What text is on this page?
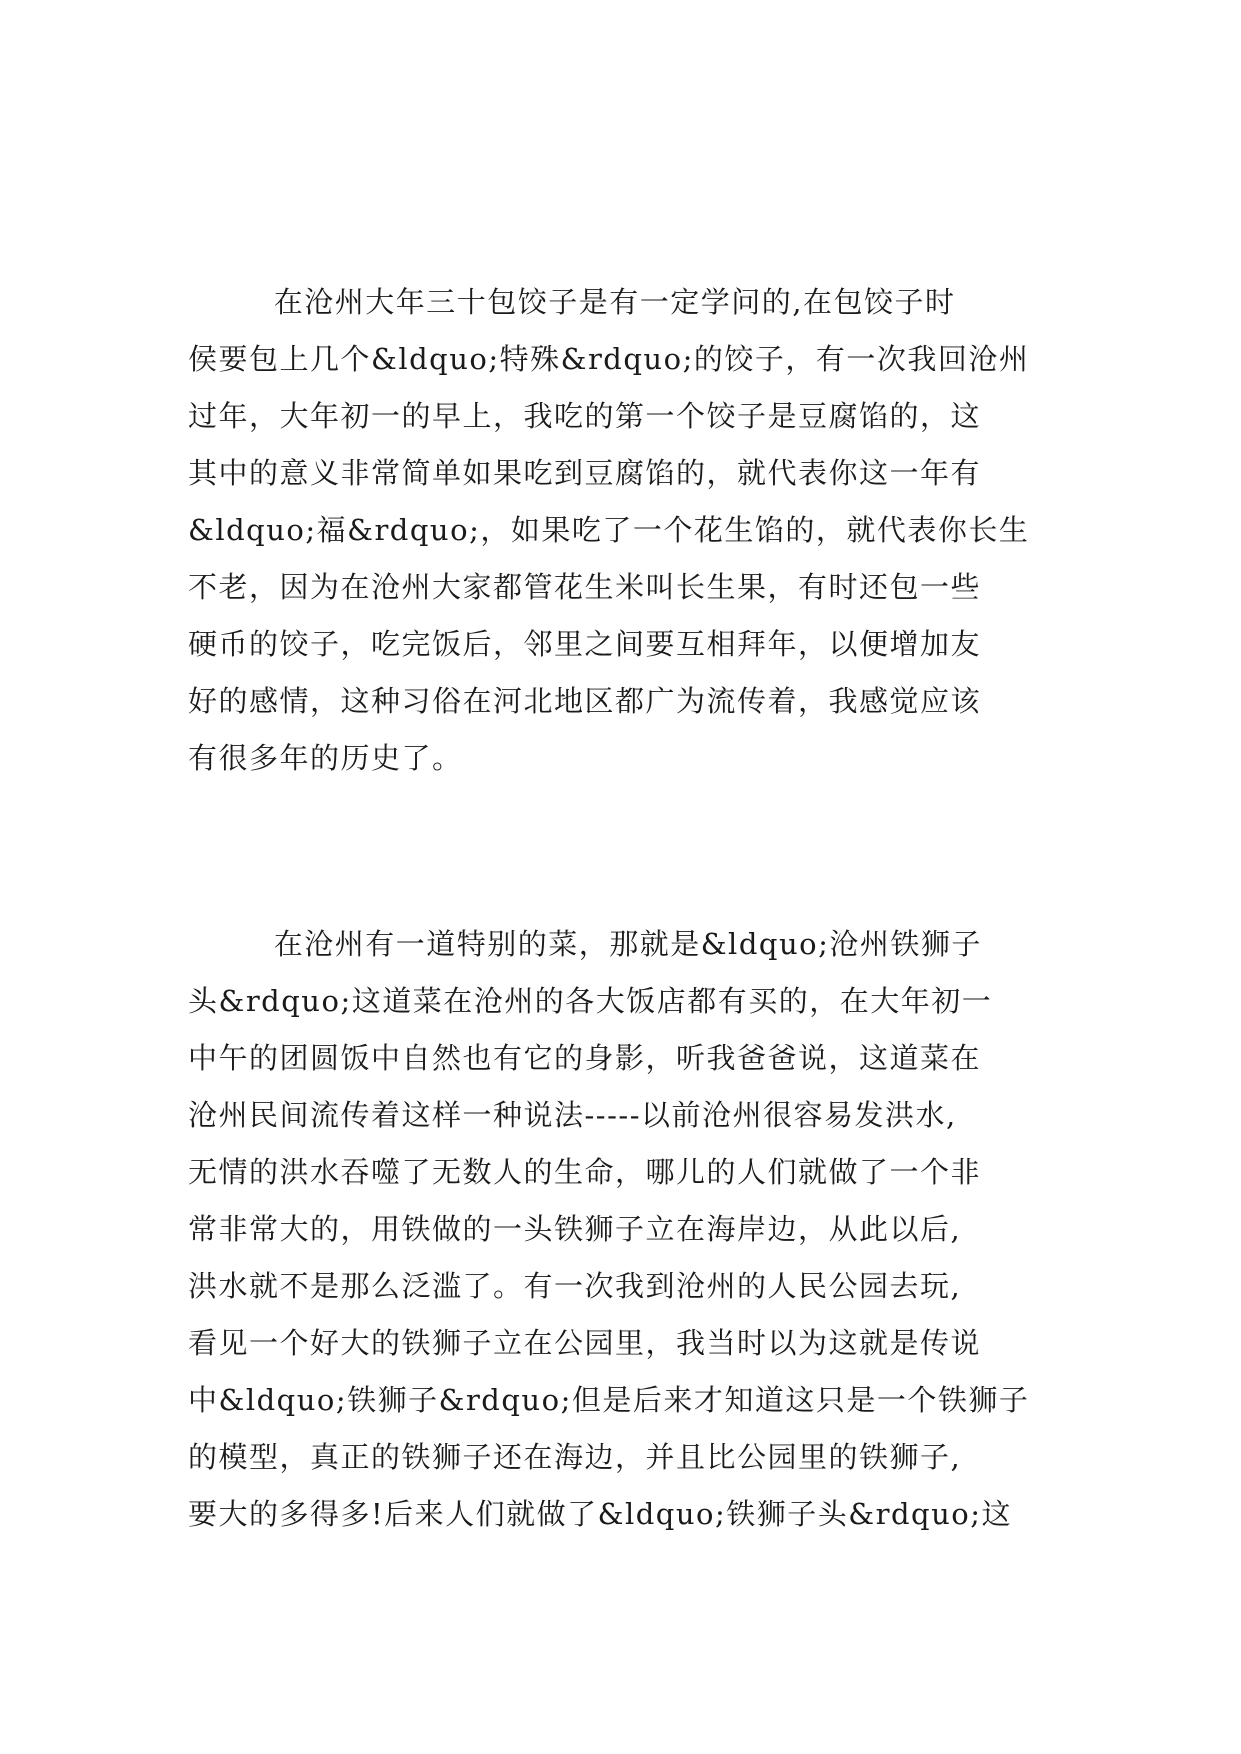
在沧州大年三十包饺子是有一定学问的,在包饺子时
侯要包上几个&ldquo;特殊&rdquo;的饺子，有一次我回沧州
过年，大年初一的早上，我吃的第一个饺子是豆腐馅的，这
其中的意义非常简单如果吃到豆腐馅的，就代表你这一年有
&ldquo;福&rdquo;，如果吃了一个花生馅的，就代表你长生
不老，因为在沧州大家都管花生米叫长生果，有时还包一些
硬币的饺子，吃完饭后，邻里之间要互相拜年，以便增加友
好的感情，这种习俗在河北地区都广为流传着，我感觉应该
有很多年的历史了。
在沧州有一道特别的菜，那就是&ldquo;沧州铁狮子
头&rdquo;这道菜在沧州的各大饭店都有买的，在大年初一
中午的团圆饭中自然也有它的身影，听我爸爸说，这道菜在
沧州民间流传着这样一种说法-----以前沧州很容易发洪水,
无情的洪水吞噬了无数人的生命，哪儿的人们就做了一个非
常非常大的，用铁做的一头铁狮子立在海岸边，从此以后,
洪水就不是那么泛滥了。有一次我到沧州的人民公园去玩,
看见一个好大的铁狮子立在公园里，我当时以为这就是传说
中&ldquo;铁狮子&rdquo;但是后来才知道这只是一个铁狮子
的模型，真正的铁狮子还在海边，并且比公园里的铁狮子,
要大的多得多!后来人们就做了&ldquo;铁狮子头&rdquo;这
